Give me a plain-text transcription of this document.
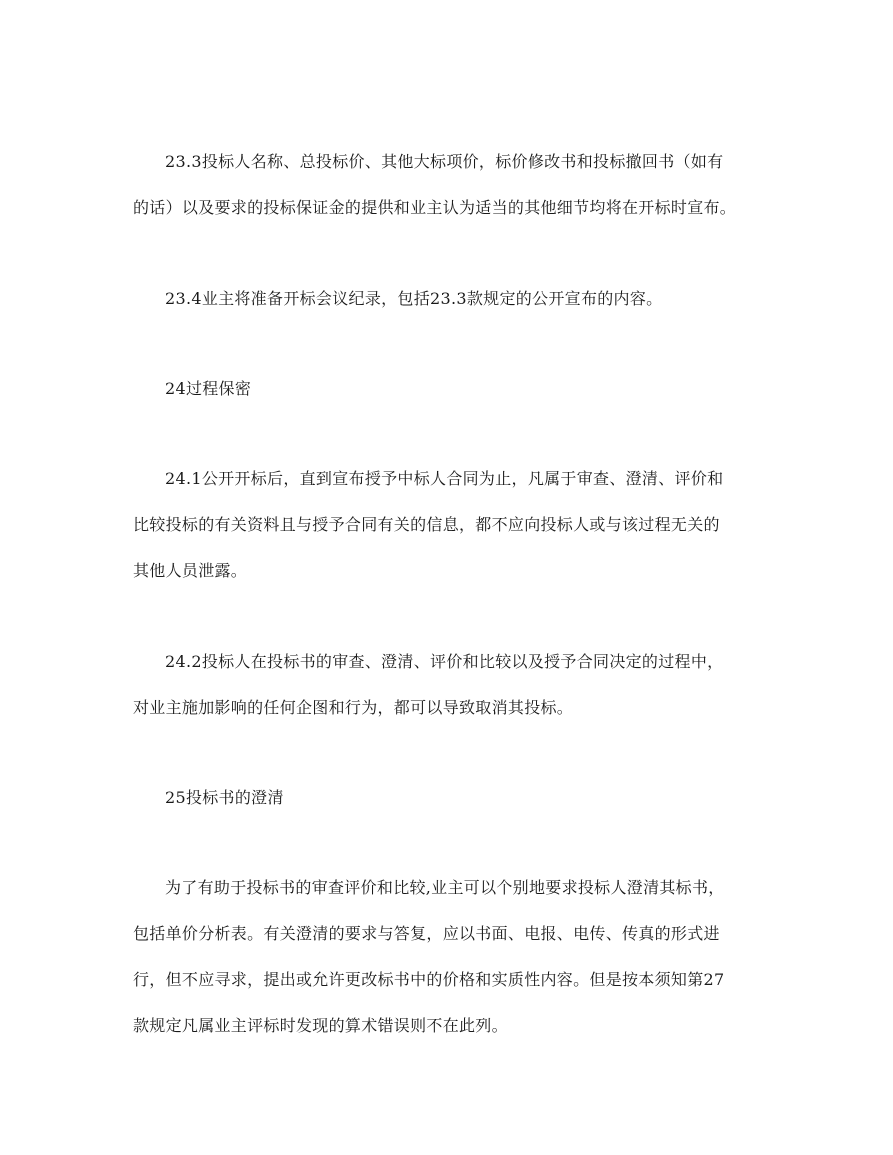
23.3投标人名称、总投标价、其他大标项价，标价修改书和投标撤回书（如有
的话）以及要求的投标保证金的提供和业主认为适当的其他细节均将在开标时宣布。

23.4业主将准备开标会议纪录，包括23.3款规定的公开宣布的内容。

24过程保密

24.1公开开标后，直到宣布授予中标人合同为止，凡属于审查、澄清、评价和
比较投标的有关资料且与授予合同有关的信息，都不应向投标人或与该过程无关的
其他人员泄露。

24.2投标人在投标书的审查、澄清、评价和比较以及授予合同决定的过程中，
对业主施加影响的任何企图和行为，都可以导致取消其投标。

25投标书的澄清

为了有助于投标书的审查评价和比较,业主可以个别地要求投标人澄清其标书，
包括单价分析表。有关澄清的要求与答复，应以书面、电报、电传、传真的形式进
行，但不应寻求，提出或允许更改标书中的价格和实质性内容。但是按本须知第27
款规定凡属业主评标时发现的算术错误则不在此列。
